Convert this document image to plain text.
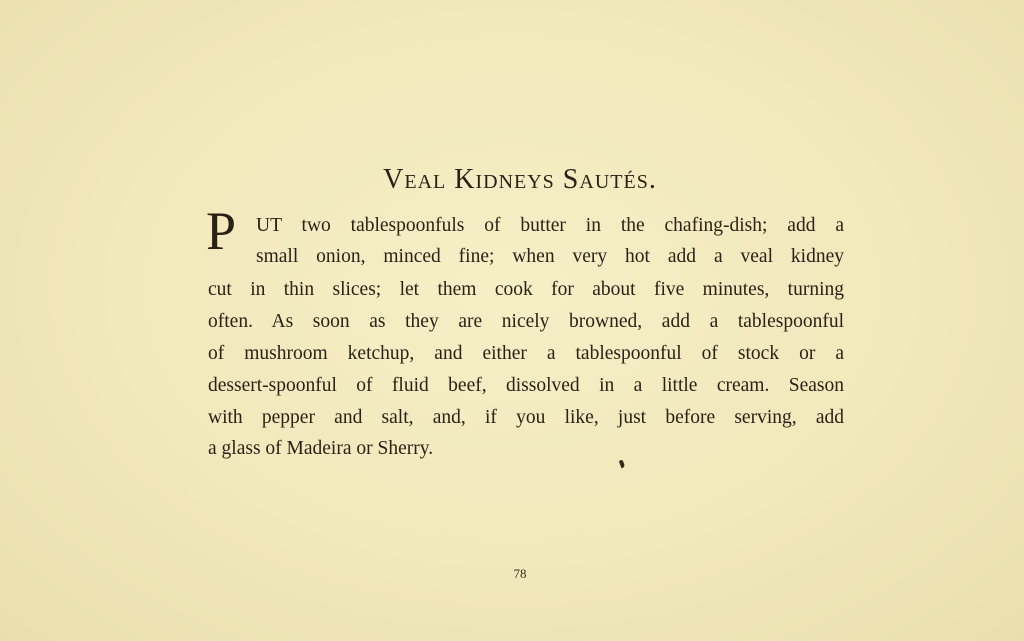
Veal Kidneys Sautés.
P UT two tablespoonfuls of butter in the chafing-dish; add a
small onion, minced fine; when very hot add a veal kidney
cut in thin slices; let them cook for about five minutes, turning
often. As soon as they are nicely browned, add a tablespoonful
of mushroom ketchup, and either a tablespoonful of stock or a
dessert-spoonful of fluid beef, dissolved in a little cream. Season
with pepper and salt, and, if you like, just before serving, add
a glass of Madeira or Sherry.
78
